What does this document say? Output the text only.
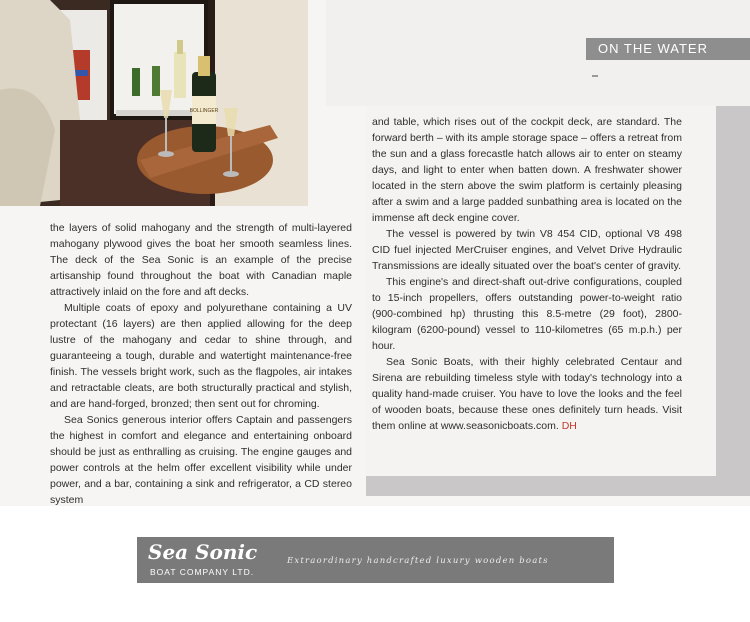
ON THE WATER
BOLLINGER

the layers of solid mahogany and the strength of multi-layered mahogany plywood gives the boat her smooth seamless lines. The deck of the Sea Sonic is an example of the precise artisanship found throughout the boat with Canadian maple attractively inlaid on the fore and aft decks.

Multiple coats of epoxy and polyurethane containing a UV protectant (16 layers) are then applied allowing for the deep lustre of the mahogany and cedar to shine through, and guaranteeing a tough, durable and watertight maintenance-free finish. The vessels bright work, such as the flagpoles, air intakes and retractable cleats, are both structurally practical and stylish, and are hand-forged, bronzed; then sent out for chroming.

Sea Sonics generous interior offers Captain and passengers the highest in comfort and elegance and entertaining onboard should be just as enthralling as cruising. The engine gauges and power controls at the helm offer excellent visibility while under power, and a bar, containing a sink and refrigerator, a CD stereo system

and table, which rises out of the cockpit deck, are standard. The forward berth – with its ample storage space – offers a retreat from the sun and a glass forecastle hatch allows air to enter on steamy days, and light to enter when batten down. A freshwater shower located in the stern above the swim platform is certainly pleasing after a swim and a large padded sunbathing area is located on the immense aft deck engine cover.

The vessel is powered by twin V8 454 CID, optional V8 498 CID fuel injected MerCruiser engines, and Velvet Drive Hydraulic Transmissions are ideally situated over the boat's center of gravity.

This engine's and direct-shaft out-drive configurations, coupled to 15-inch propellers, offers outstanding power-to-weight ratio (900-combined hp) thrusting this 8.5-metre (29 foot), 2800-kilogram (6200-pound) vessel to 110-kilometres (65 m.p.h.) per hour.

Sea Sonic Boats, with their highly celebrated Centaur and Sirena are rebuilding timeless style with today's technology into a quality hand-made cruiser. You have to love the looks and the feel of wooden boats, because these ones definitely turn heads. Visit them online at www.seasonicboats.com. DH

Sea Sonic
BOAT COMPANY LTD.
Extraordinary handcrafted luxury wooden boats
